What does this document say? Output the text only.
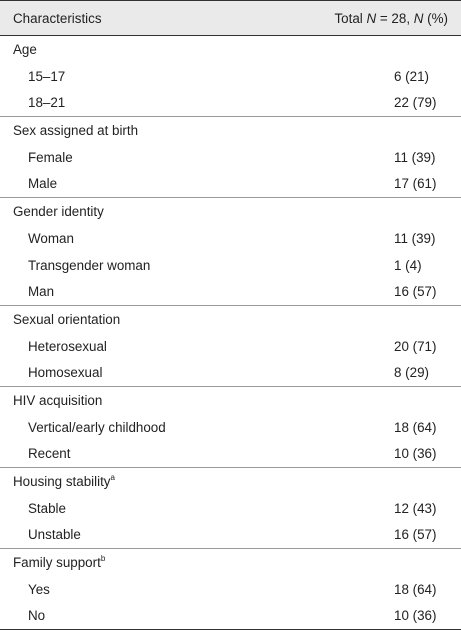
Characteristics	Total N = 28, N (%)
Age	
15–17	6 (21)
18–21	22 (79)
Sex assigned at birth	
Female	11 (39)
Male	17 (61)
Gender identity	
Woman	11 (39)
Transgender woman	1 (4)
Man	16 (57)
Sexual orientation	
Heterosexual	20 (71)
Homosexual	8 (29)
HIV acquisition	
Vertical/early childhood	18 (64)
Recent	10 (36)
Housing stability$^a$	
Stable	12 (43)
Unstable	16 (57)
Family support$^b$	
Yes	18 (64)
No	10 (36)
